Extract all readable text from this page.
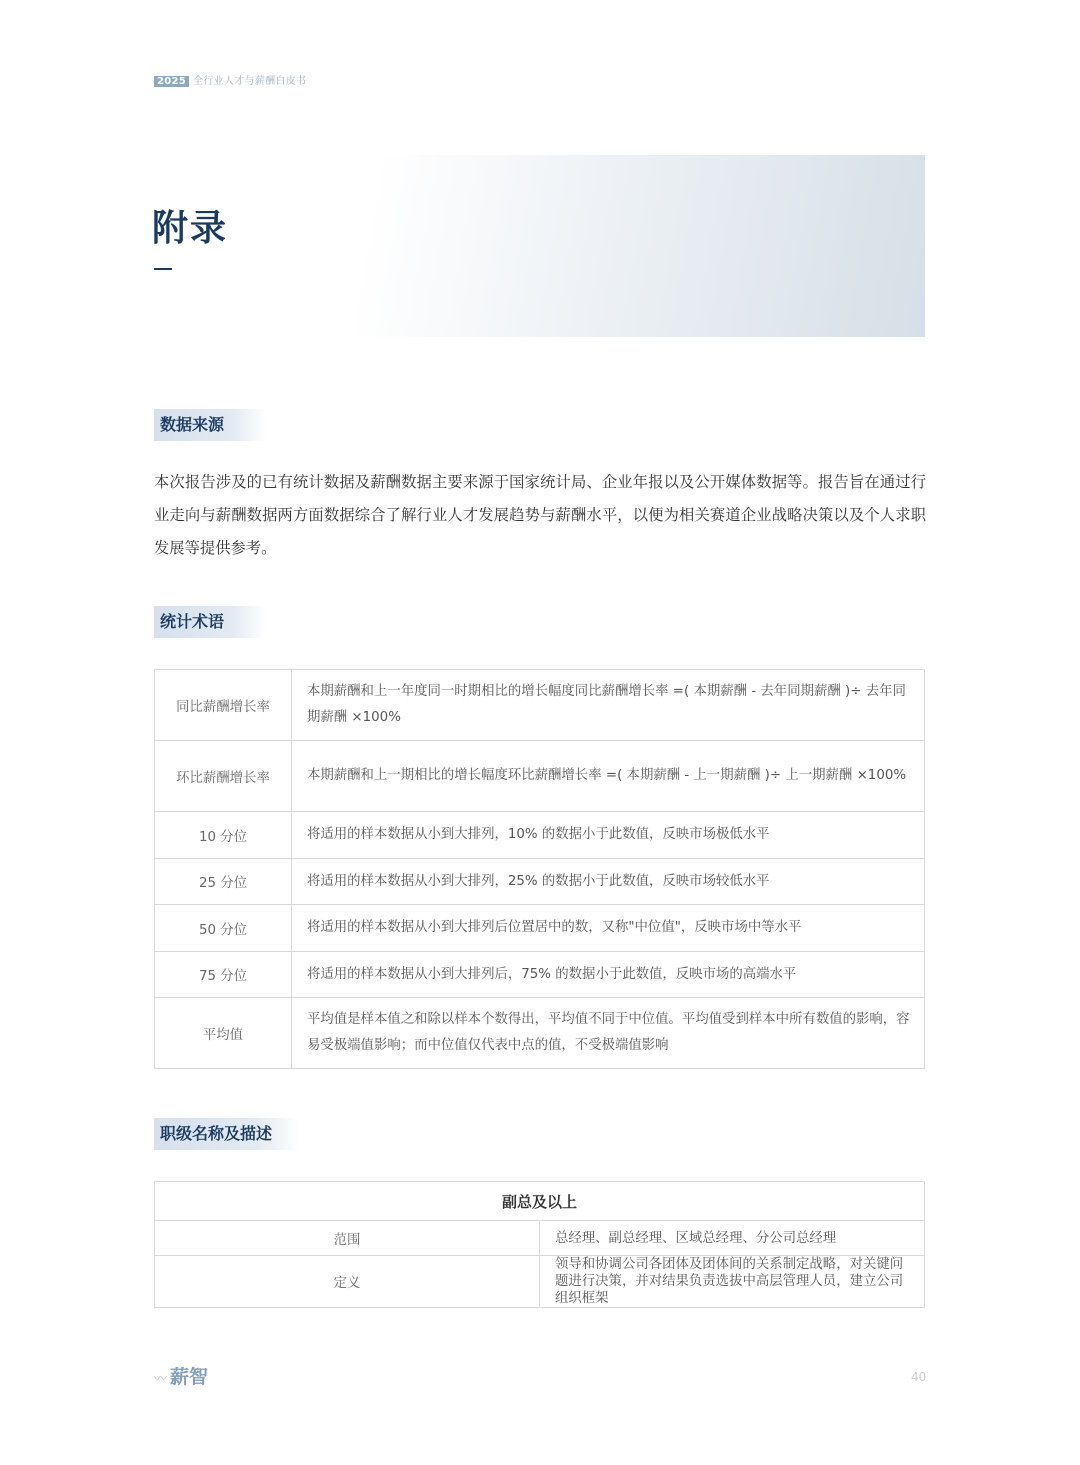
2025 全行业人才与薪酬白皮书
附录
数据来源
本次报告涉及的已有统计数据及薪酬数据主要来源于国家统计局、企业年报以及公开媒体数据等。报告旨在通过行业走向与薪酬数据两方面数据综合了解行业人才发展趋势与薪酬水平，以便为相关赛道企业战略决策以及个人求职发展等提供参考。
统计术语
同比薪酬增长率	本期薪酬和上一年度同一时期相比的增长幅度同比薪酬增长率 =( 本期薪酬 - 去年同期薪酬 )÷ 去年同期薪酬 ×100%
环比薪酬增长率	本期薪酬和上一期相比的增长幅度环比薪酬增长率 =( 本期薪酬 - 上一期薪酬 )÷ 上一期薪酬 ×100%
10 分位	将适用的样本数据从小到大排列，10% 的数据小于此数值，反映市场极低水平
25 分位	将适用的样本数据从小到大排列，25% 的数据小于此数值，反映市场较低水平
50 分位	将适用的样本数据从小到大排列后位置居中的数，又称"中位值"，反映市场中等水平
75 分位	将适用的样本数据从小到大排列后，75% 的数据小于此数值，反映市场的高端水平
平均值	平均值是样本值之和除以样本个数得出，平均值不同于中位值。平均值受到样本中所有数值的影响，容易受极端值影响；而中位值仅代表中点的值，不受极端值影响
职级名称及描述
副总及以上	
范围	总经理、副总经理、区域总经理、分公司总经理
定义	领导和协调公司各团体及团体间的关系制定战略，对关键问题进行决策，并对结果负责选拔中高层管理人员，建立公司组织框架
〰 薪智	40
